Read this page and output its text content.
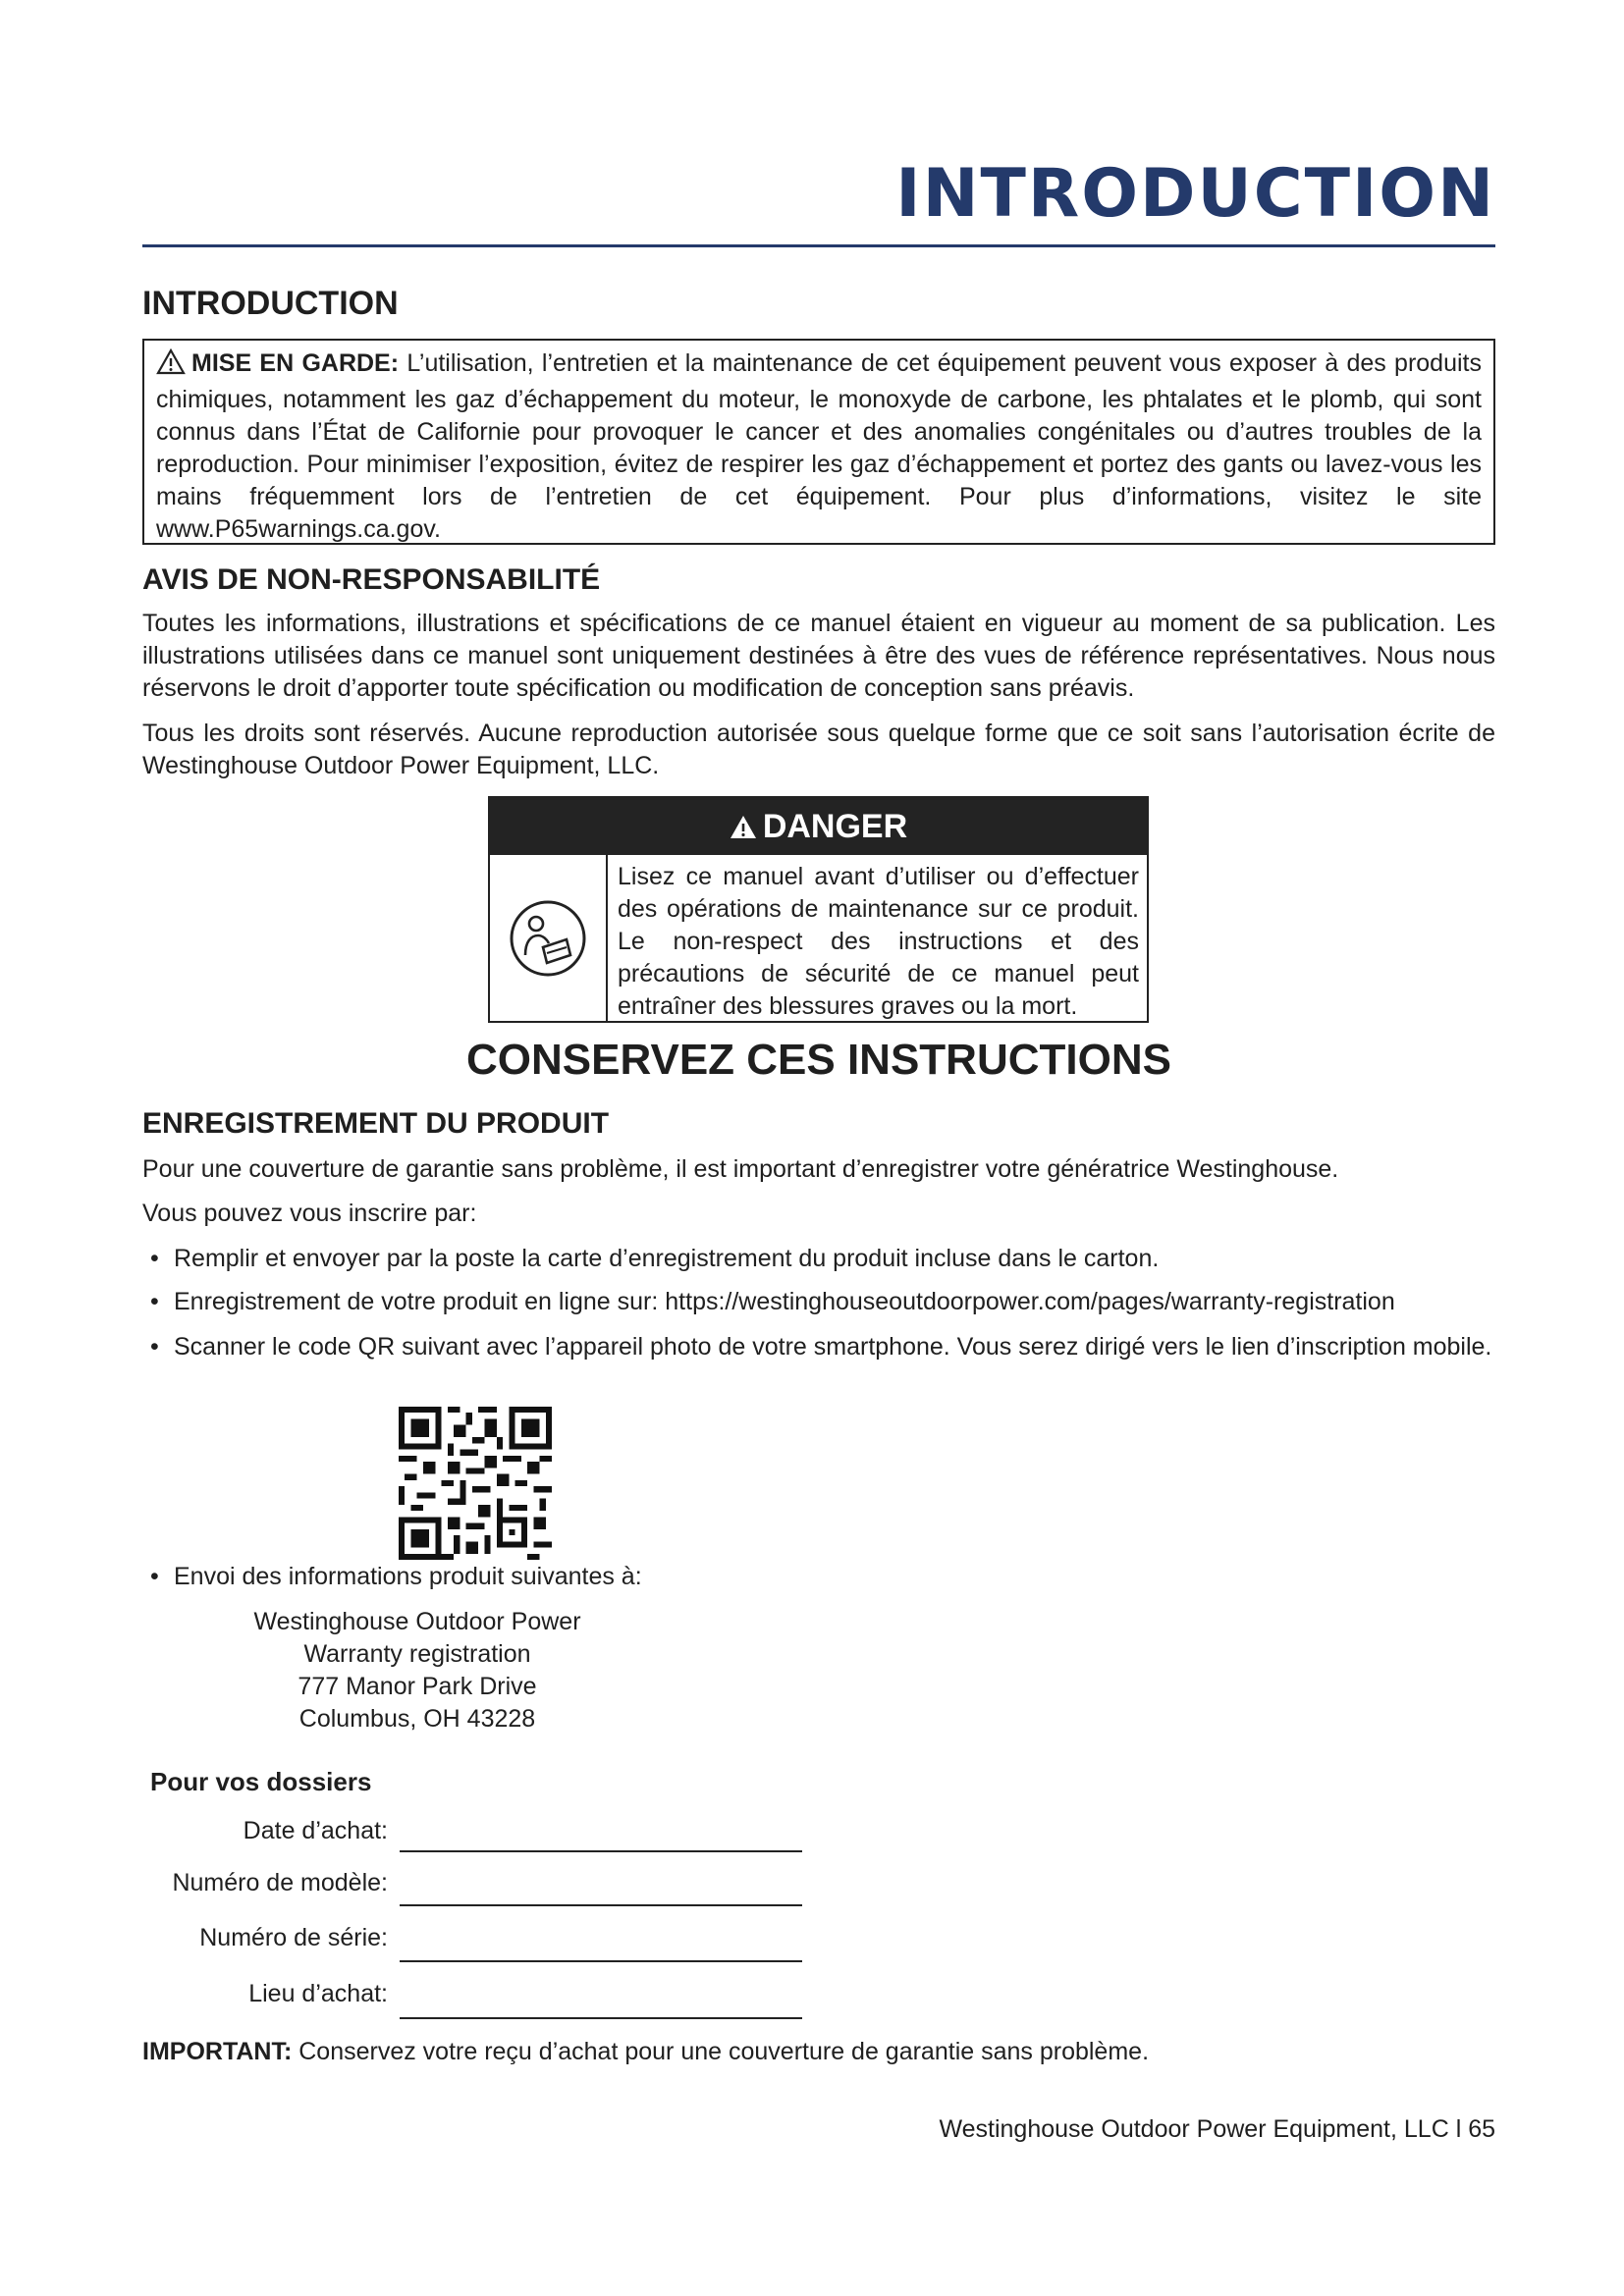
INTRODUCTION
INTRODUCTION
MISE EN GARDE: L’utilisation, l’entretien et la maintenance de cet équipement peuvent vous exposer à des produits chimiques, notamment les gaz d’échappement du moteur, le monoxyde de carbone, les phtalates et le plomb, qui sont connus dans l’État de Californie pour provoquer le cancer et des anomalies congénitales ou d’autres troubles de la reproduction. Pour minimiser l’exposition, évitez de respirer les gaz d’échappement et portez des gants ou lavez-vous les mains fréquemment lors de l’entretien de cet équipement. Pour plus d’informations, visitez le site www.P65warnings.ca.gov.
AVIS DE NON-RESPONSABILITÉ
Toutes les informations, illustrations et spécifications de ce manuel étaient en vigueur au moment de sa publication. Les illustrations utilisées dans ce manuel sont uniquement destinées à être des vues de référence représentatives. Nous nous réservons le droit d’apporter toute spécification ou modification de conception sans préavis.
Tous les droits sont réservés. Aucune reproduction autorisée sous quelque forme que ce soit sans l’autorisation écrite de Westinghouse Outdoor Power Equipment, LLC.
DANGER
Lisez ce manuel avant d’utiliser ou d’effectuer des opérations de maintenance sur ce produit. Le non-respect des instructions et des précautions de sécurité de ce manuel peut entraîner des blessures graves ou la mort.
CONSERVEZ CES INSTRUCTIONS
ENREGISTREMENT DU PRODUIT
Pour une couverture de garantie sans problème, il est important d’enregistrer votre génératrice Westinghouse.
Vous pouvez vous inscrire par:
• Remplir et envoyer par la poste la carte d’enregistrement du produit incluse dans le carton.
• Enregistrement de votre produit en ligne sur: https://westinghouseoutdoorpower.com/pages/warranty-registration
• Scanner le code QR suivant avec l’appareil photo de votre smartphone. Vous serez dirigé vers le lien d’inscription mobile.
• Envoi des informations produit suivantes à:
Westinghouse Outdoor Power
Warranty registration
777 Manor Park Drive
Columbus, OH 43228
Pour vos dossiers
Date d’achat:
Numéro de modèle:
Numéro de série:
Lieu d’achat:
IMPORTANT: Conservez votre reçu d’achat pour une couverture de garantie sans problème.
Westinghouse Outdoor Power Equipment, LLC l 65
